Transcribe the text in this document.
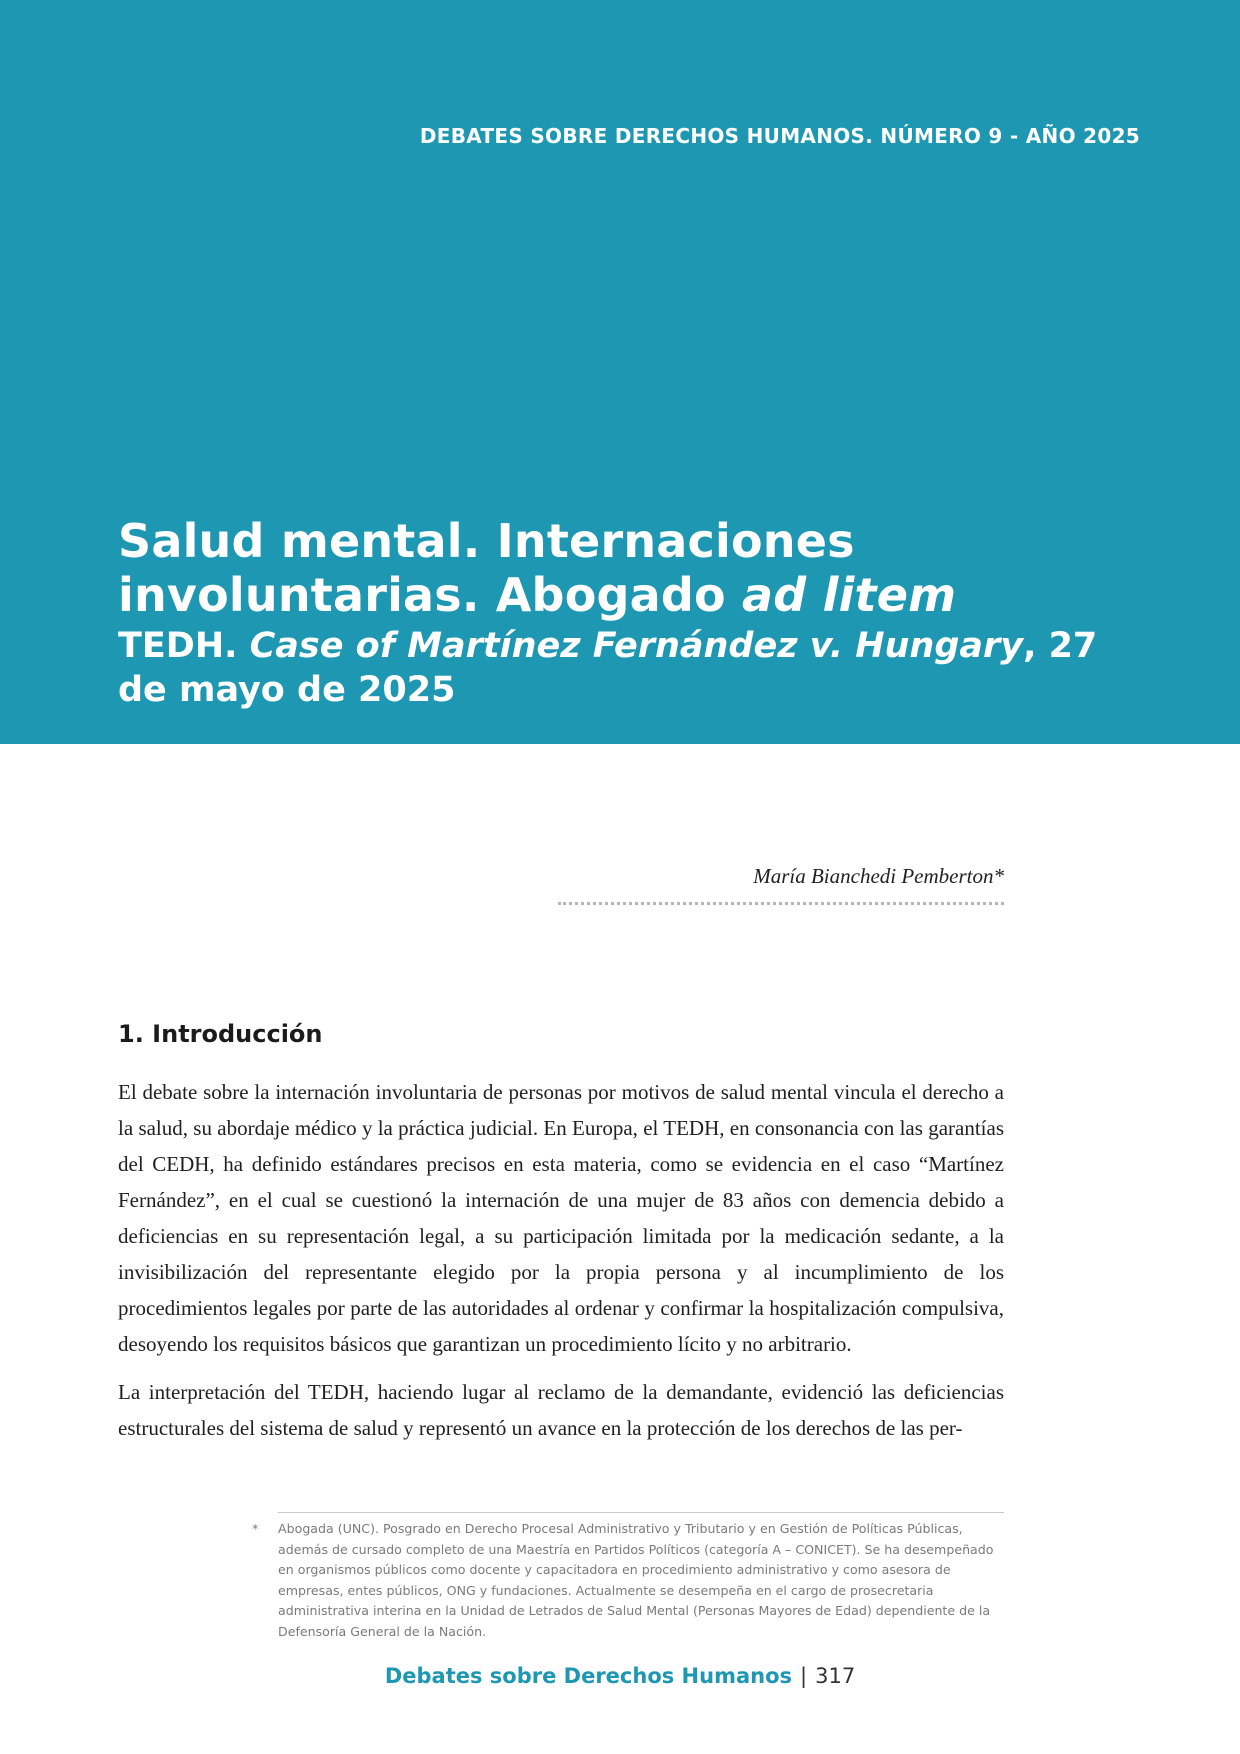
DEBATES SOBRE DERECHOS HUMANOS. NÚMERO 9 - AÑO 2025
Salud mental. Internaciones
involuntarias. Abogado ad litem
TEDH. Case of Martínez Fernández v. Hungary, 27 de mayo de 2025
María Bianchedi Pemberton*
1. Introducción

El debate sobre la internación involuntaria de personas por motivos de salud mental vincula el derecho a la salud, su abordaje médico y la práctica judicial. En Europa, el TEDH, en consonancia con las garantías del CEDH, ha definido estándares precisos en esta materia, como se evidencia en el caso “Martínez Fernández”, en el cual se cuestionó la internación de una mujer de 83 años con demencia debido a deficiencias en su representación legal, a su participación limitada por la medicación sedante, a la invisibilización del representante elegido por la propia persona y al incumplimiento de los procedimientos legales por parte de las autoridades al ordenar y confirmar la hospitalización compulsiva, desoyendo los requisitos básicos que garantizan un procedimiento lícito y no arbitrario.

La interpretación del TEDH, haciendo lugar al reclamo de la demandante, evidenció las deficiencias estructurales del sistema de salud y representó un avance en la protección de los derechos de las per-

* Abogada (UNC). Posgrado en Derecho Procesal Administrativo y Tributario y en Gestión de Políticas Públicas, además de cursado completo de una Maestría en Partidos Políticos (categoría A – CONICET). Se ha desempeñado en organismos públicos como docente y capacitadora en procedimiento administrativo y como asesora de empresas, entes públicos, ONG y fundaciones. Actualmente se desempeña en el cargo de prosecretaria administrativa interina en la Unidad de Letrados de Salud Mental (Personas Mayores de Edad) dependiente de la Defensoría General de la Nación.
Debates sobre Derechos Humanos | 317
